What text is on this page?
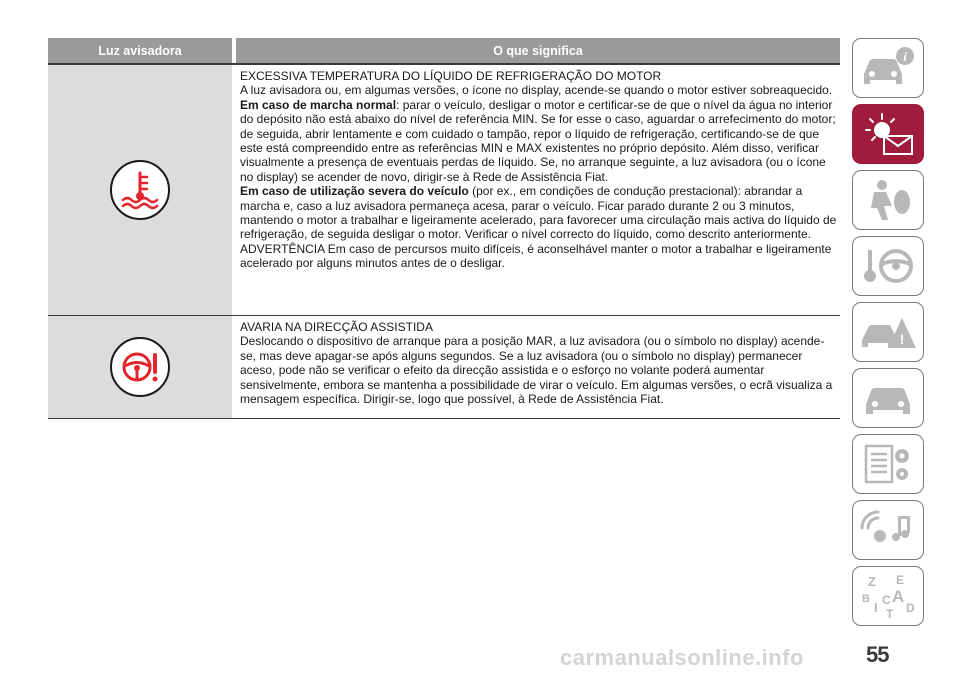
Luz avisadora	O que significa
EXCESSIVA TEMPERATURA DO LÍQUIDO DE REFRIGERAÇÃO DO MOTOR
A luz avisadora ou, em algumas versões, o ícone no display, acende-se quando o motor estiver sobreaquecido.
Em caso de marcha normal: parar o veículo, desligar o motor e certificar-se de que o nível da água no interior do depósito não está abaixo do nível de referência MIN. Se for esse o caso, aguardar o arrefecimento do motor; de seguida, abrir lentamente e com cuidado o tampão, repor o líquido de refrigeração, certificando-se de que este está compreendido entre as referências MIN e MAX existentes no próprio depósito. Além disso, verificar visualmente a presença de eventuais perdas de líquido. Se, no arranque seguinte, a luz avisadora (ou o ícone no display) se acender de novo, dirigir-se à Rede de Assistência Fiat.
Em caso de utilização severa do veículo (por ex., em condições de condução prestacional): abrandar a marcha e, caso a luz avisadora permaneça acesa, parar o veículo. Ficar parado durante 2 ou 3 minutos, mantendo o motor a trabalhar e ligeiramente acelerado, para favorecer uma circulação mais activa do líquido de refrigeração, de seguida desligar o motor. Verificar o nível correcto do líquido, como descrito anteriormente.
ADVERTÊNCIA Em caso de percursos muito difíceis, é aconselhável manter o motor a trabalhar e ligeiramente acelerado por alguns minutos antes de o desligar.
AVARIA NA DIRECÇÃO ASSISTIDA
Deslocando o dispositivo de arranque para a posição MAR, a luz avisadora (ou o símbolo no display) acende-se, mas deve apagar-se após alguns segundos. Se a luz avisadora (ou o símbolo no display) permanecer aceso, pode não se verificar o efeito da direcção assistida e o esforço no volante poderá aumentar sensivelmente, embora se mantenha a possibilidade de virar o veículo. Em algumas versões, o ecrã visualiza a mensagem específica. Dirigir-se, logo que possível, à Rede de Assistência Fiat.
i
!
Z E
B A
I C
D
T
carmanualsonline.info	55
